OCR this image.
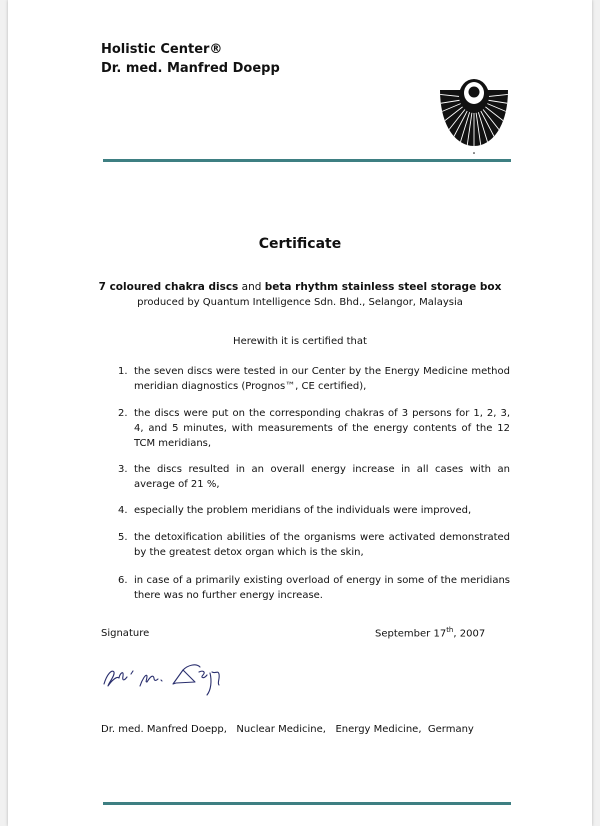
Holistic Center®
Dr. med. Manfred Doepp
Certificate
7 coloured chakra discs and beta rhythm stainless steel storage box
produced by Quantum Intelligence Sdn. Bhd., Selangor, Malaysia
Herewith it is certified that
1. the seven discs were tested in our Center by the Energy Medicine method meridian diagnostics (Prognos™, CE certified),
2. the discs were put on the corresponding chakras of 3 persons for 1, 2, 3, 4, and 5 minutes, with measurements of the energy contents of the 12 TCM meridians,
3. the discs resulted in an overall energy increase in all cases with an average of 21 %,
4. especially the problem meridians of the individuals were improved,
5. the detoxification abilities of the organisms were activated demonstrated by the greatest detox organ which is the skin,
6. in case of a primarily existing overload of energy in some of the meridians there was no further energy increase.
Signature	September 17th, 2007
Dr. med. Manfred Doepp,   Nuclear Medicine,   Energy Medicine,  Germany
